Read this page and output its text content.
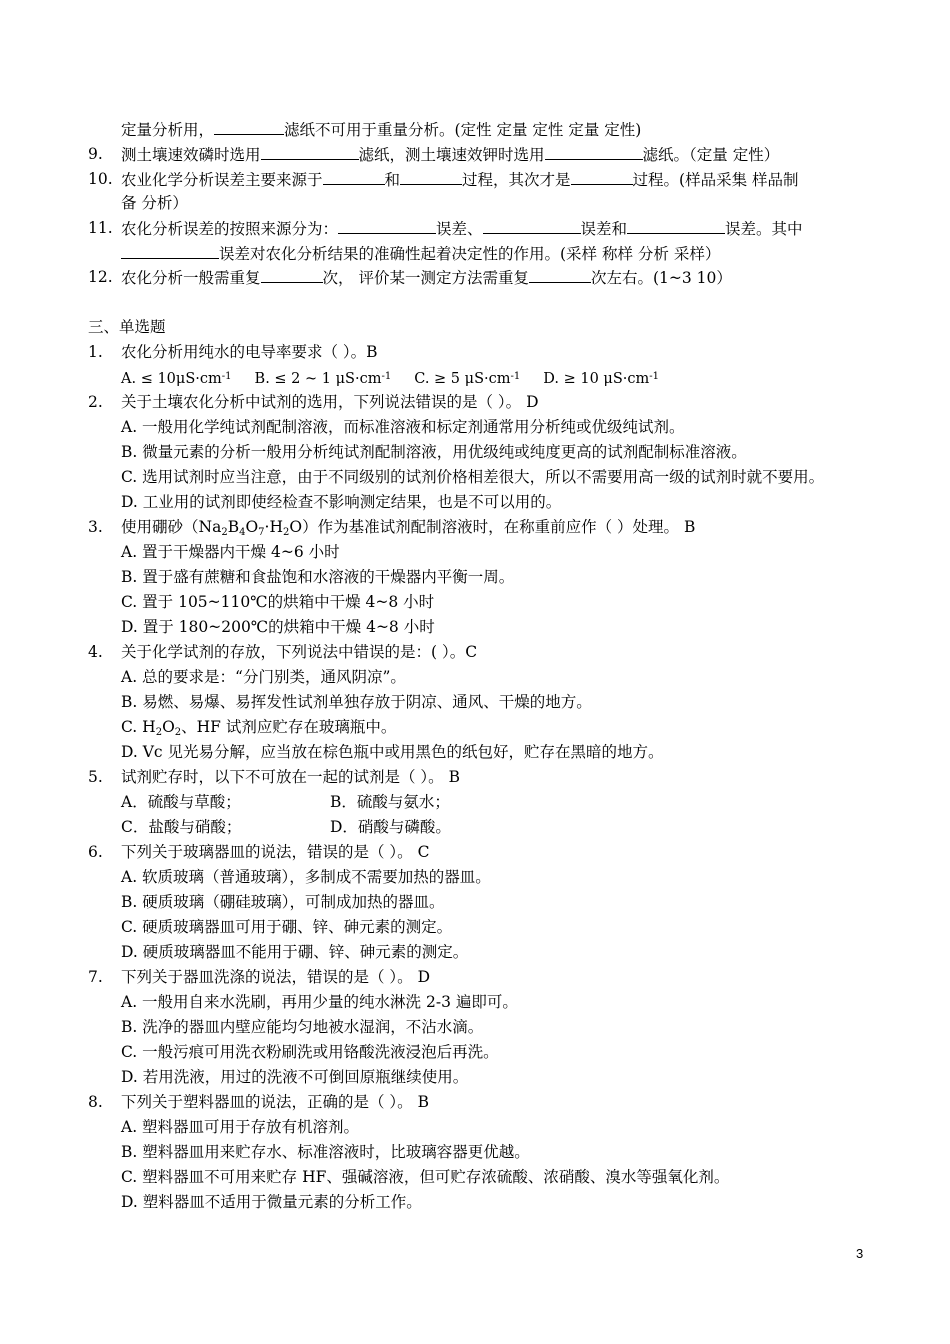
定量分析用，	滤纸不可用于重量分析。(定性 定量 定性 定量 定性)
9. 测土壤速效磷时选用	滤纸，测土壤速效钾时选用	滤纸。（定量 定性）
10. 农业化学分析误差主要来源于	和	过程，其次才是	过程。(样品采集 样品制
备 分析）
11. 农化分析误差的按照来源分为：	误差、	误差和	误差。其中
误差对农化分析结果的准确性起着决定性的作用。(采样 称样 分析 采样）
12. 农化分析一般需重复	次， 评价某一测定方法需重复	次左右。(1~3 10）
三、单选题
1. 农化分析用纯水的电导率要求（ ）。B
A. ≤ $10\mu S\cdot cm^{-1}$ B. ≤ 2 ~ 1 $\mu S\cdot cm^{-1}$ C. ≥ 5 $\mu S\cdot cm^{-1}$ D. ≥ 10 $\mu S\cdot cm^{-1}$
2. 关于土壤农化分析中试剂的选用，下列说法错误的是（ ）。 D
A. 一般用化学纯试剂配制溶液，而标准溶液和标定剂通常用分析纯或优级纯试剂。
B. 微量元素的分析一般用分析纯试剂配制溶液，用优级纯或纯度更高的试剂配制标准溶液。
C. 选用试剂时应当注意，由于不同级别的试剂价格相差很大，所以不需要用高一级的试剂时就不要用。
D. 工业用的试剂即使经检查不影响测定结果，也是不可以用的。
3. 使用硼砂$(Na_2B_4O_7\cdot H_2O)$作为基准试剂配制溶液时，在称重前应作（ ）处理。 B
A. 置于干燥器内干燥 4~6 小时
B. 置于盛有蔗糖和食盐饱和水溶液的干燥器内平衡一周。
C. 置于 105~110℃的烘箱中干燥 4~8 小时
D. 置于 180~200℃的烘箱中干燥 4~8 小时
4. 关于化学试剂的存放，下列说法中错误的是：( ）。C
A. 总的要求是：“分门别类，通风阴凉”。
B. 易燃、易爆、易挥发性试剂单独存放于阴凉、通风、干燥的地方。
C. $H_2O_2$、HF 试剂应贮存在玻璃瓶中。
D. Vc 见光易分解，应当放在棕色瓶中或用黑色的纸包好，贮存在黑暗的地方。
5. 试剂贮存时，以下不可放在一起的试剂是（ ）。 B
A．硫酸与草酸；	B．硫酸与氨水；
C．盐酸与硝酸；	D．硝酸与磷酸。
6. 下列关于玻璃器皿的说法，错误的是（ ）。 C
A. 软质玻璃（普通玻璃），多制成不需要加热的器皿。
B. 硬质玻璃（硼硅玻璃），可制成加热的器皿。
C. 硬质玻璃器皿可用于硼、锌、砷元素的测定。
D. 硬质玻璃器皿不能用于硼、锌、砷元素的测定。
7. 下列关于器皿洗涤的说法，错误的是（ ）。 D
A. 一般用自来水洗刷，再用少量的纯水淋洗 2-3 遍即可。
B. 洗净的器皿内壁应能均匀地被水湿润，不沾水滴。
C. 一般污痕可用洗衣粉刷洗或用铬酸洗液浸泡后再洗。
D. 若用洗液，用过的洗液不可倒回原瓶继续使用。
8. 下列关于塑料器皿的说法，正确的是（ ）。 B
A. 塑料器皿可用于存放有机溶剂。
B. 塑料器皿用来贮存水、标准溶液时，比玻璃容器更优越。
C. 塑料器皿不可用来贮存 HF、强碱溶液，但可贮存浓硫酸、浓硝酸、溴水等强氧化剂。
D. 塑料器皿不适用于微量元素的分析工作。
3
